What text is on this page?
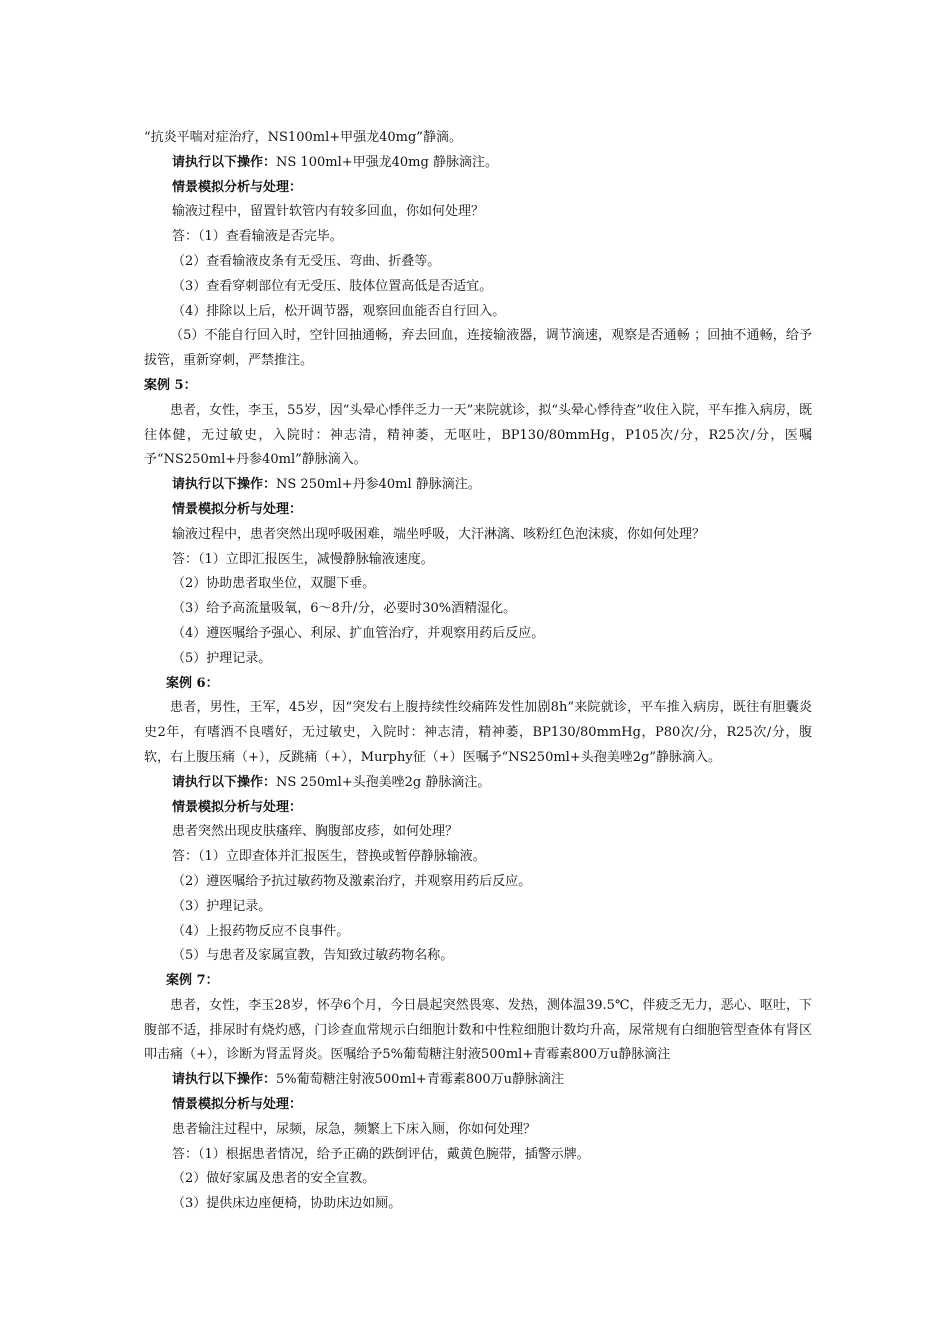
“抗炎平喘对症治疗，NS100ml+甲强龙40mg”静滴。

请执行以下操作：NS 100ml+甲强龙40mg 静脉滴注。

情景模拟分析与处理：

输液过程中，留置针软管内有较多回血，你如何处理？

答：（1）查看输液是否完毕。

（2）查看输液皮条有无受压、弯曲、折叠等。

（3）查看穿刺部位有无受压、肢体位置高低是否适宜。

（4）排除以上后，松开调节器，观察回血能否自行回入。

（5）不能自行回入时，空针回抽通畅，弃去回血，连接输液器，调节滴速，观察是否通畅 ；回抽不通畅，给予拔管，重新穿刺，严禁推注。

案例 5：

患者，女性，李玉，55岁，因“头晕心悸伴乏力一天”来院就诊，拟“头晕心悸待查”收住入院，平车推入病房，既往体健，无过敏史，入院时：神志清，精神萎，无呕吐，BP130/80mmHg，P105次/分，R25次/分，医嘱予“NS250ml+丹参40ml”静脉滴入。

请执行以下操作：NS 250ml+丹参40ml 静脉滴注。

情景模拟分析与处理：

输液过程中，患者突然出现呼吸困难，端坐呼吸，大汗淋漓、咳粉红色泡沫痰，你如何处理？

答：（1）立即汇报医生，减慢静脉输液速度。

（2）协助患者取坐位，双腿下垂。

（3）给予高流量吸氧，6～8升/分，必要时30%酒精湿化。

（4）遵医嘱给予强心、利尿、扩血管治疗，并观察用药后反应。

（5）护理记录。

案例 6：

患者，男性，王军，45岁，因“突发右上腹持续性绞痛阵发性加剧8h”来院就诊，平车推入病房，既往有胆囊炎史2年，有嗜酒不良嗜好，无过敏史，入院时：神志清，精神萎，BP130/80mmHg，P80次/分，R25次/分，腹软，右上腹压痛（+），反跳痛（+），Murphy征（+）医嘱予“NS250ml+头孢美唑2g”静脉滴入。

请执行以下操作：NS 250ml+头孢美唑2g 静脉滴注。

情景模拟分析与处理：

患者突然出现皮肤瘙痒、胸腹部皮疹，如何处理？

答：（1）立即查体并汇报医生，替换或暂停静脉输液。

（2）遵医嘱给予抗过敏药物及激素治疗，并观察用药后反应。

（3）护理记录。

（4）上报药物反应不良事件。

（5）与患者及家属宣教，告知致过敏药物名称。

案例 7：

患者，女性，李玉28岁，怀孕6个月，今日晨起突然畏寒、发热，测体温39.5℃，伴疲乏无力，恶心、呕吐，下腹部不适，排尿时有烧灼感，门诊查血常规示白细胞计数和中性粒细胞计数均升高，尿常规有白细胞管型查体有肾区叩击痛（+），诊断为肾盂肾炎。医嘱给予5%葡萄糖注射液500ml+青霉素800万u静脉滴注

请执行以下操作：5%葡萄糖注射液500ml+青霉素800万u静脉滴注

情景模拟分析与处理：

患者输注过程中，尿频，尿急，频繁上下床入厕，你如何处理？

答：（1）根据患者情况，给予正确的跌倒评估，戴黄色腕带，插警示牌。

（2）做好家属及患者的安全宣教。

（3）提供床边座便椅，协助床边如厕。
